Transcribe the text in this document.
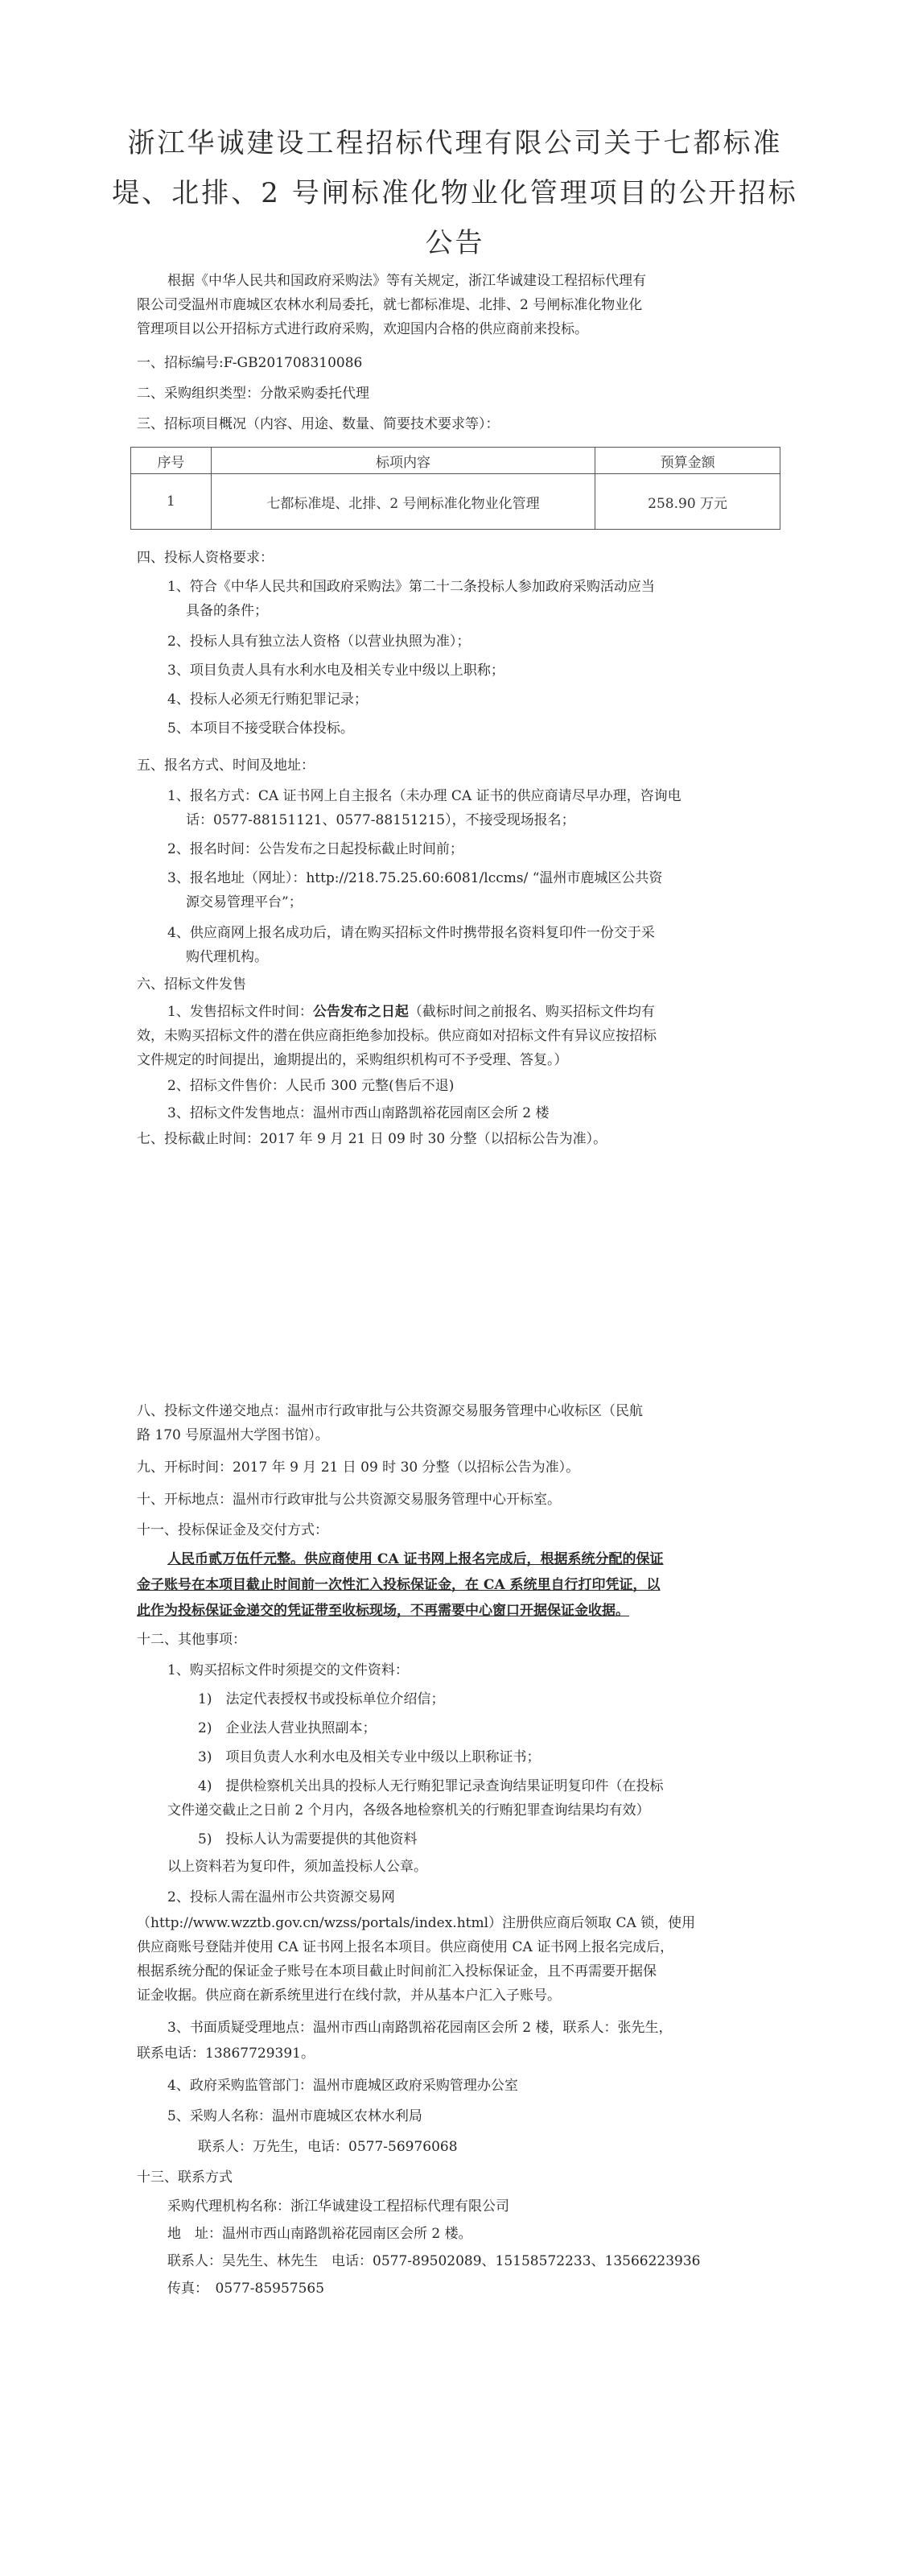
浙江华诚建设工程招标代理有限公司关于七都标准
堤、北排、2 号闸标准化物业化管理项目的公开招标
公告
根据《中华人民共和国政府采购法》等有关规定，浙江华诚建设工程招标代理有
限公司受温州市鹿城区农林水利局委托，就七都标准堤、北排、2 号闸标准化物业化
管理项目以公开招标方式进行政府采购，欢迎国内合格的供应商前来投标。
一、招标编号:F-GB201708310086
二、采购组织类型：分散采购委托代理
三、招标项目概况（内容、用途、数量、简要技术要求等）：
序号	标项内容	预算金额
1	七都标准堤、北排、2 号闸标准化物业化管理	258.90 万元
四、投标人资格要求：
1、符合《中华人民共和国政府采购法》第二十二条投标人参加政府采购活动应当
具备的条件；
2、投标人具有独立法人资格（以营业执照为准）；
3、项目负责人具有水利水电及相关专业中级以上职称；
4、投标人必须无行贿犯罪记录；
5、本项目不接受联合体投标。
五、报名方式、时间及地址：
1、报名方式：CA 证书网上自主报名（未办理 CA 证书的供应商请尽早办理，咨询电
话：0577-88151121、0577-88151215），不接受现场报名；
2、报名时间：公告发布之日起投标截止时间前；
3、报名地址（网址）：http://218.75.25.60:6081/lccms/ “温州市鹿城区公共资
源交易管理平台”；
4、供应商网上报名成功后，请在购买招标文件时携带报名资料复印件一份交于采
购代理机构。
六、招标文件发售
1、发售招标文件时间：公告发布之日起（截标时间之前报名、购买招标文件均有
效，未购买招标文件的潜在供应商拒绝参加投标。供应商如对招标文件有异议应按招标
文件规定的时间提出，逾期提出的，采购组织机构可不予受理、答复。）
2、招标文件售价：人民币 300 元整(售后不退)
3、招标文件发售地点：温州市西山南路凯裕花园南区会所 2 楼
七、投标截止时间：2017 年 9 月 21 日 09 时 30 分整（以招标公告为准）。
八、投标文件递交地点：温州市行政审批与公共资源交易服务管理中心收标区（民航
路 170 号原温州大学图书馆）。
九、开标时间：2017 年 9 月 21 日 09 时 30 分整（以招标公告为准）。
十、开标地点：温州市行政审批与公共资源交易服务管理中心开标室。
十一、投标保证金及交付方式：
人民币贰万伍仟元整。供应商使用 CA 证书网上报名完成后，根据系统分配的保证
金子账号在本项目截止时间前一次性汇入投标保证金，在 CA 系统里自行打印凭证，以
此作为投标保证金递交的凭证带至收标现场，不再需要中心窗口开据保证金收据。
十二、其他事项：
1、购买招标文件时须提交的文件资料：
1)　法定代表授权书或投标单位介绍信；
2)　企业法人营业执照副本；
3)　项目负责人水利水电及相关专业中级以上职称证书；
4)　提供检察机关出具的投标人无行贿犯罪记录查询结果证明复印件（在投标
文件递交截止之日前 2 个月内，各级各地检察机关的行贿犯罪查询结果均有效）
5)　投标人认为需要提供的其他资料
以上资料若为复印件，须加盖投标人公章。
2、投标人需在温州市公共资源交易网
（http://www.wzztb.gov.cn/wzss/portals/index.html）注册供应商后领取 CA 锁，使用
供应商账号登陆并使用 CA 证书网上报名本项目。供应商使用 CA 证书网上报名完成后，
根据系统分配的保证金子账号在本项目截止时间前汇入投标保证金，且不再需要开据保
证金收据。供应商在新系统里进行在线付款，并从基本户汇入子账号。
3、书面质疑受理地点：温州市西山南路凯裕花园南区会所 2 楼，联系人：张先生，
联系电话：13867729391。
4、政府采购监管部门：温州市鹿城区政府采购管理办公室
5、采购人名称：温州市鹿城区农林水利局
联系人：万先生，电话：0577-56976068
十三、联系方式
采购代理机构名称：浙江华诚建设工程招标代理有限公司
地　址：温州市西山南路凯裕花园南区会所 2 楼。
联系人：吴先生、林先生　电话：0577-89502089、15158572233、13566223936
传真：　0577-85957565
